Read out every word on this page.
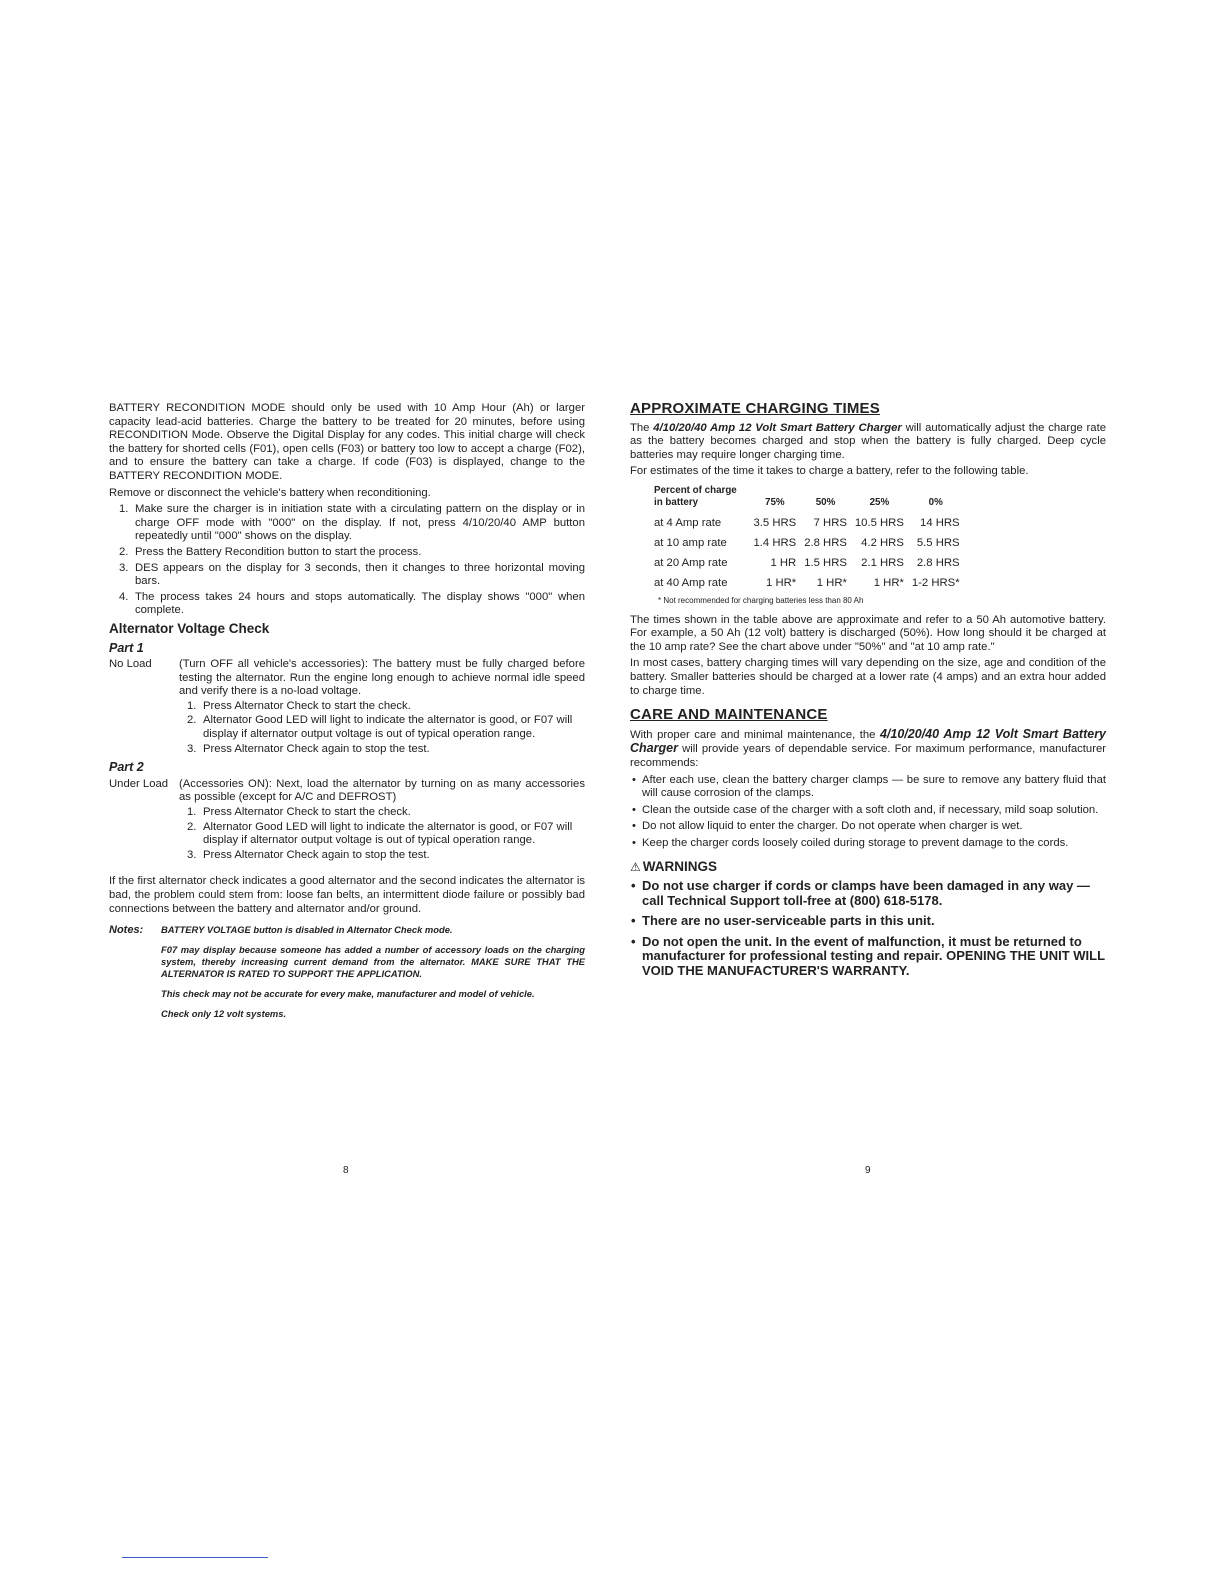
BATTERY RECONDITION MODE should only be used with 10 Amp Hour (Ah) or larger capacity lead-acid batteries. Charge the battery to be treated for 20 minutes, before using RECONDITION Mode. Observe the Digital Display for any codes. This initial charge will check the battery for shorted cells (F01), open cells (F03) or battery too low to accept a charge (F02), and to ensure the battery can take a charge. If code (F03) is displayed, change to the BATTERY RECONDITION MODE.

Remove or disconnect the vehicle's battery when reconditioning.

1. Make sure the charger is in initiation state with a circulating pattern on the display or in charge OFF mode with "000" on the display. If not, press 4/10/20/40 AMP button repeatedly until "000" shows on the display.
2. Press the Battery Recondition button to start the process.
3. DES appears on the display for 3 seconds, then it changes to three horizontal moving bars.
4. The process takes 24 hours and stops automatically. The display shows "000" when complete.
Alternator Voltage Check
Part 1
No Load	(Turn OFF all vehicle's accessories): The battery must be fully charged before testing the alternator. Run the engine long enough to achieve normal idle speed and verify there is a no-load voltage.
1. Press Alternator Check to start the check.
2. Alternator Good LED will light to indicate the alternator is good, or F07 will display if alternator output voltage is out of typical operation range.
3. Press Alternator Check again to stop the test.
Part 2
Under Load (Accessories ON): Next, load the alternator by turning on as many accessories as possible (except for A/C and DEFROST)
1. Press Alternator Check to start the check.
2. Alternator Good LED will light to indicate the alternator is good, or F07 will display if alternator output voltage is out of typical operation range.
3. Press Alternator Check again to stop the test.

If the first alternator check indicates a good alternator and the second indicates the alternator is bad, the problem could stem from: loose fan belts, an intermittent diode failure or possibly bad connections between the battery and alternator and/or ground.

Notes:	BATTERY VOLTAGE button is disabled in Alternator Check mode.

F07 may display because someone has added a number of accessory loads on the charging system, thereby increasing current demand from the alternator. MAKE SURE THAT THE ALTERNATOR IS RATED TO SUPPORT THE APPLICATION.

This check may not be accurate for every make, manufacturer and model of vehicle.

Check only 12 volt systems.

APPROXIMATE CHARGING TIMES

The 4/10/20/40 Amp 12 Volt Smart Battery Charger will automatically adjust the charge rate as the battery becomes charged and stop when the battery is fully charged. Deep cycle batteries may require longer charging time.

For estimates of the time it takes to charge a battery, refer to the following table.

Percent of charge
in battery	75%	50%	25%	0%
at 4 Amp rate	3.5 HRS	7 HRS	10.5 HRS	14 HRS
at 10 amp rate	1.4 HRS	2.8 HRS	4.2 HRS	5.5 HRS
at 20 Amp rate	1 HR	1.5 HRS	2.1 HRS	2.8 HRS
at 40 Amp rate	1 HR*	1 HR*	1 HR*	1-2 HRS*
* Not recommended for charging batteries less than 80 Ah

The times shown in the table above are approximate and refer to a 50 Ah automotive battery. For example, a 50 Ah (12 volt) battery is discharged (50%). How long should it be charged at the 10 amp rate? See the chart above under "50%" and "at 10 amp rate."

In most cases, battery charging times will vary depending on the size, age and condition of the battery. Smaller batteries should be charged at a lower rate (4 amps) and an extra hour added to charge time.

CARE AND MAINTENANCE

With proper care and minimal maintenance, the 4/10/20/40 Amp 12 Volt Smart Battery Charger will provide years of dependable service. For maximum performance, manufacturer recommends:

• After each use, clean the battery charger clamps — be sure to remove any battery fluid that will cause corrosion of the clamps.
• Clean the outside case of the charger with a soft cloth and, if necessary, mild soap solution.
• Do not allow liquid to enter the charger. Do not operate when charger is wet.
• Keep the charger cords loosely coiled during storage to prevent damage to the cords.
⚠ WARNINGS
• Do not use charger if cords or clamps have been damaged in any way — call Technical Support toll-free at (800) 618-5178.
• There are no user-serviceable parts in this unit.
• Do not open the unit. In the event of malfunction, it must be returned to manufacturer for professional testing and repair. OPENING THE UNIT WILL VOID THE MANUFACTURER'S WARRANTY.
8	9
